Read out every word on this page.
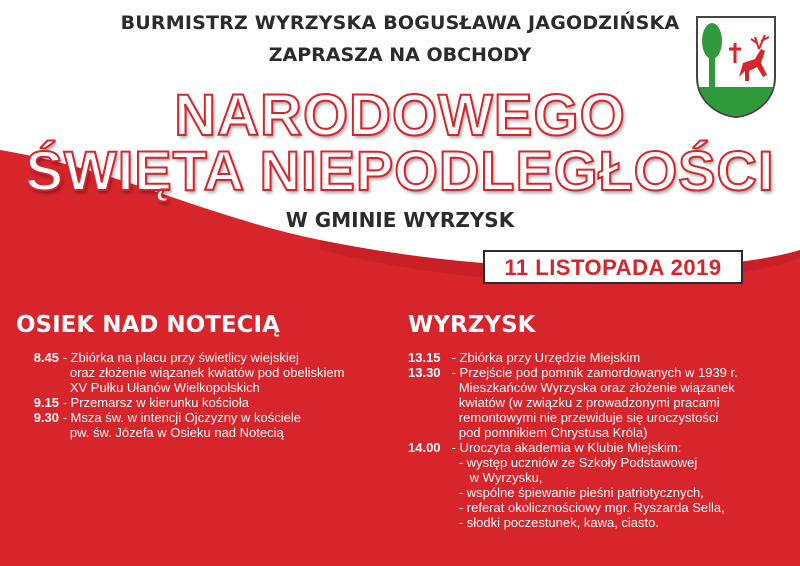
BURMISTRZ WYRZYSKA BOGUSŁAWA JAGODZIŃSKA
ZAPRASZA NA OBCHODY
NARODOWEGO
ŚWIĘTA NIEPODLEGŁOŚCI
W GMINIE WYRZYSK
11 LISTOPADA 2019
OSIEK NAD NOTECIĄ	WYRZYSK
8.45 - Zbiórka na placu przy świetlicy wiejskiej
oraz złożenie wiązanek kwiatów pod obeliskiem
XV Pułku Ułanów Wielkopolskich
9.15 - Przemarsz w kierunku kościoła
9.30 - Msza św. w intencji Ojczyzny w kościele
pw. św. Józefa w Osieku nad Notecią
13.15 - Zbiórka przy Urzędzie Miejskim
13.30 - Przejście pod pomnik zamordowanych w 1939 r.
Mieszkańców Wyrzyska oraz złożenie wiązanek
kwiatów (w związku z prowadzonymi pracami
remontowymi nie przewiduje się uroczystości
pod pomnikiem Chrystusa Króla)
14.00 - Uroczyta akademia w Klubie Miejskim:
- występ uczniów ze Szkoły Podstawowej
w Wyrzysku,
- wspólne śpiewanie pieśni patriotycznych,
- referat okolicznościowy mgr. Ryszarda Sella,
- słodki poczestunek, kawa, ciasto.
